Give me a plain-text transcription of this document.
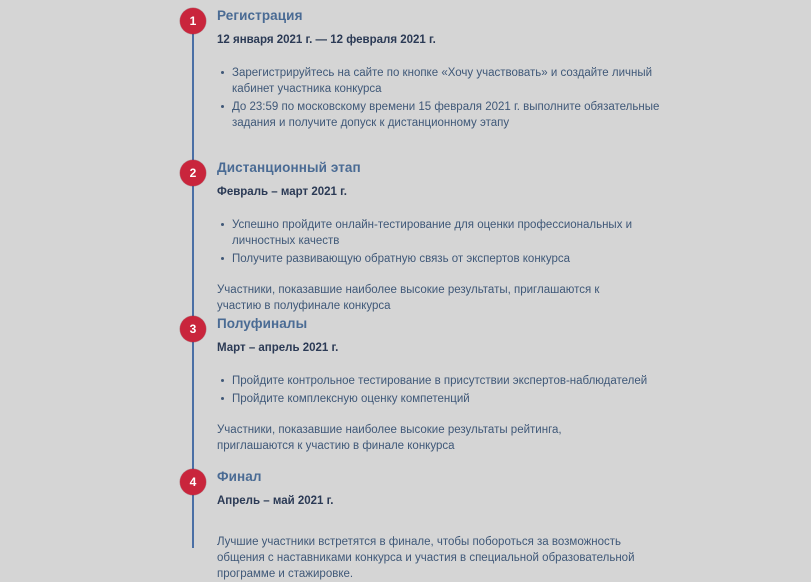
1	Регистрация

12 января 2021 г. — 12 февраля 2021 г.

Зарегистрируйтесь на сайте по кнопке «Хочу участвовать» и создайте личный кабинет участника конкурса
До 23:59 по московскому времени 15 февраля 2021 г. выполните обязательные задания и получите допуск к дистанционному этапу
2	Дистанционный этап

Февраль – март 2021 г.

Успешно пройдите онлайн-тестирование для оценки профессиональных и личностных качеств
Получите развивающую обратную связь от экспертов конкурса

Участники, показавшие наиболее высокие результаты, приглашаются к участию в полуфинале конкурса

3	Полуфиналы

Март – апрель 2021 г.

Пройдите контрольное тестирование в присутствии экспертов-наблюдателей
Пройдите комплексную оценку компетенций

Участники, показавшие наиболее высокие результаты рейтинга, приглашаются к участию в финале конкурса

4	Финал

Апрель – май 2021 г.

Лучшие участники встретятся в финале, чтобы побороться за возможность общения с наставниками конкурса и участия в специальной образовательной программе и стажировке.
